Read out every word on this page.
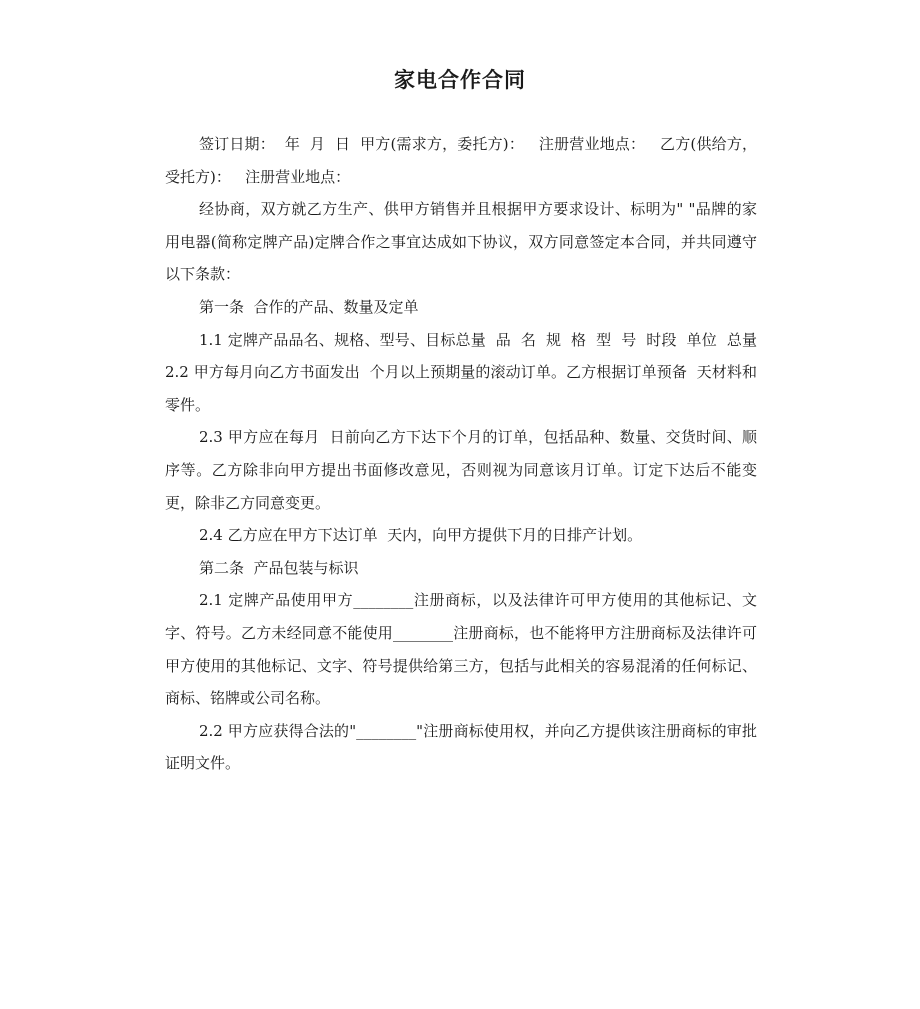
家电合作合同

签订日期：  年  月  日  甲方(需求方，委托方)：   注册营业地点：   乙方(供给方，受托方)：   注册营业地点：

经协商，双方就乙方生产、供甲方销售并且根据甲方要求设计、标明为" "品牌的家用电器(简称定牌产品)定牌合作之事宜达成如下协议，双方同意签定本合同，并共同遵守以下条款：

第一条  合作的产品、数量及定单

1.1 定牌产品品名、规格、型号、目标总量  品  名  规  格  型  号  时段  单位  总量 2.2 甲方每月向乙方书面发出  个月以上预期量的滚动订单。乙方根据订单预备  天材料和零件。

2.3 甲方应在每月  日前向乙方下达下个月的订单，包括品种、数量、交货时间、顺序等。乙方除非向甲方提出书面修改意见，否则视为同意该月订单。订定下达后不能变更，除非乙方同意变更。

2.4 乙方应在甲方下达订单  天内，向甲方提供下月的日排产计划。

第二条  产品包装与标识

2.1 定牌产品使用甲方________注册商标，以及法律许可甲方使用的其他标记、文字、符号。乙方未经同意不能使用________注册商标，也不能将甲方注册商标及法律许可甲方使用的其他标记、文字、符号提供给第三方，包括与此相关的容易混淆的任何标记、商标、铭牌或公司名称。

2.2 甲方应获得合法的"________"注册商标使用权，并向乙方提供该注册商标的审批证明文件。
